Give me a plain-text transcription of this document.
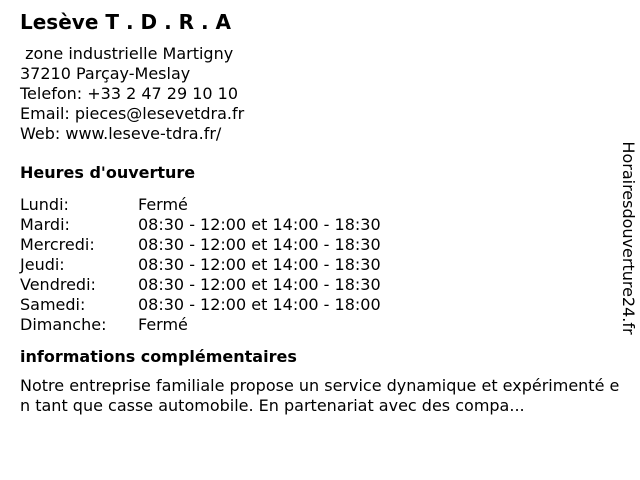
Lesève T . D . R . A
zone industrielle Martigny
37210 Parçay-Meslay
Telefon: +33 2 47 29 10 10
Email: pieces@lesevetdra.fr
Web: www.leseve-tdra.fr/
Heures d'ouverture
Lundi:	Fermé
Mardi:	08:30 - 12:00 et 14:00 - 18:30
Mercredi:	08:30 - 12:00 et 14:00 - 18:30
Jeudi:	08:30 - 12:00 et 14:00 - 18:30
Vendredi:	08:30 - 12:00 et 14:00 - 18:30
Samedi:	08:30 - 12:00 et 14:00 - 18:00
Dimanche:	Fermé
informations complémentaires
Notre entreprise familiale propose un service dynamique et expérimenté en tant que casse automobile. En partenariat avec des compa...
Horairesdouverture24.fr
